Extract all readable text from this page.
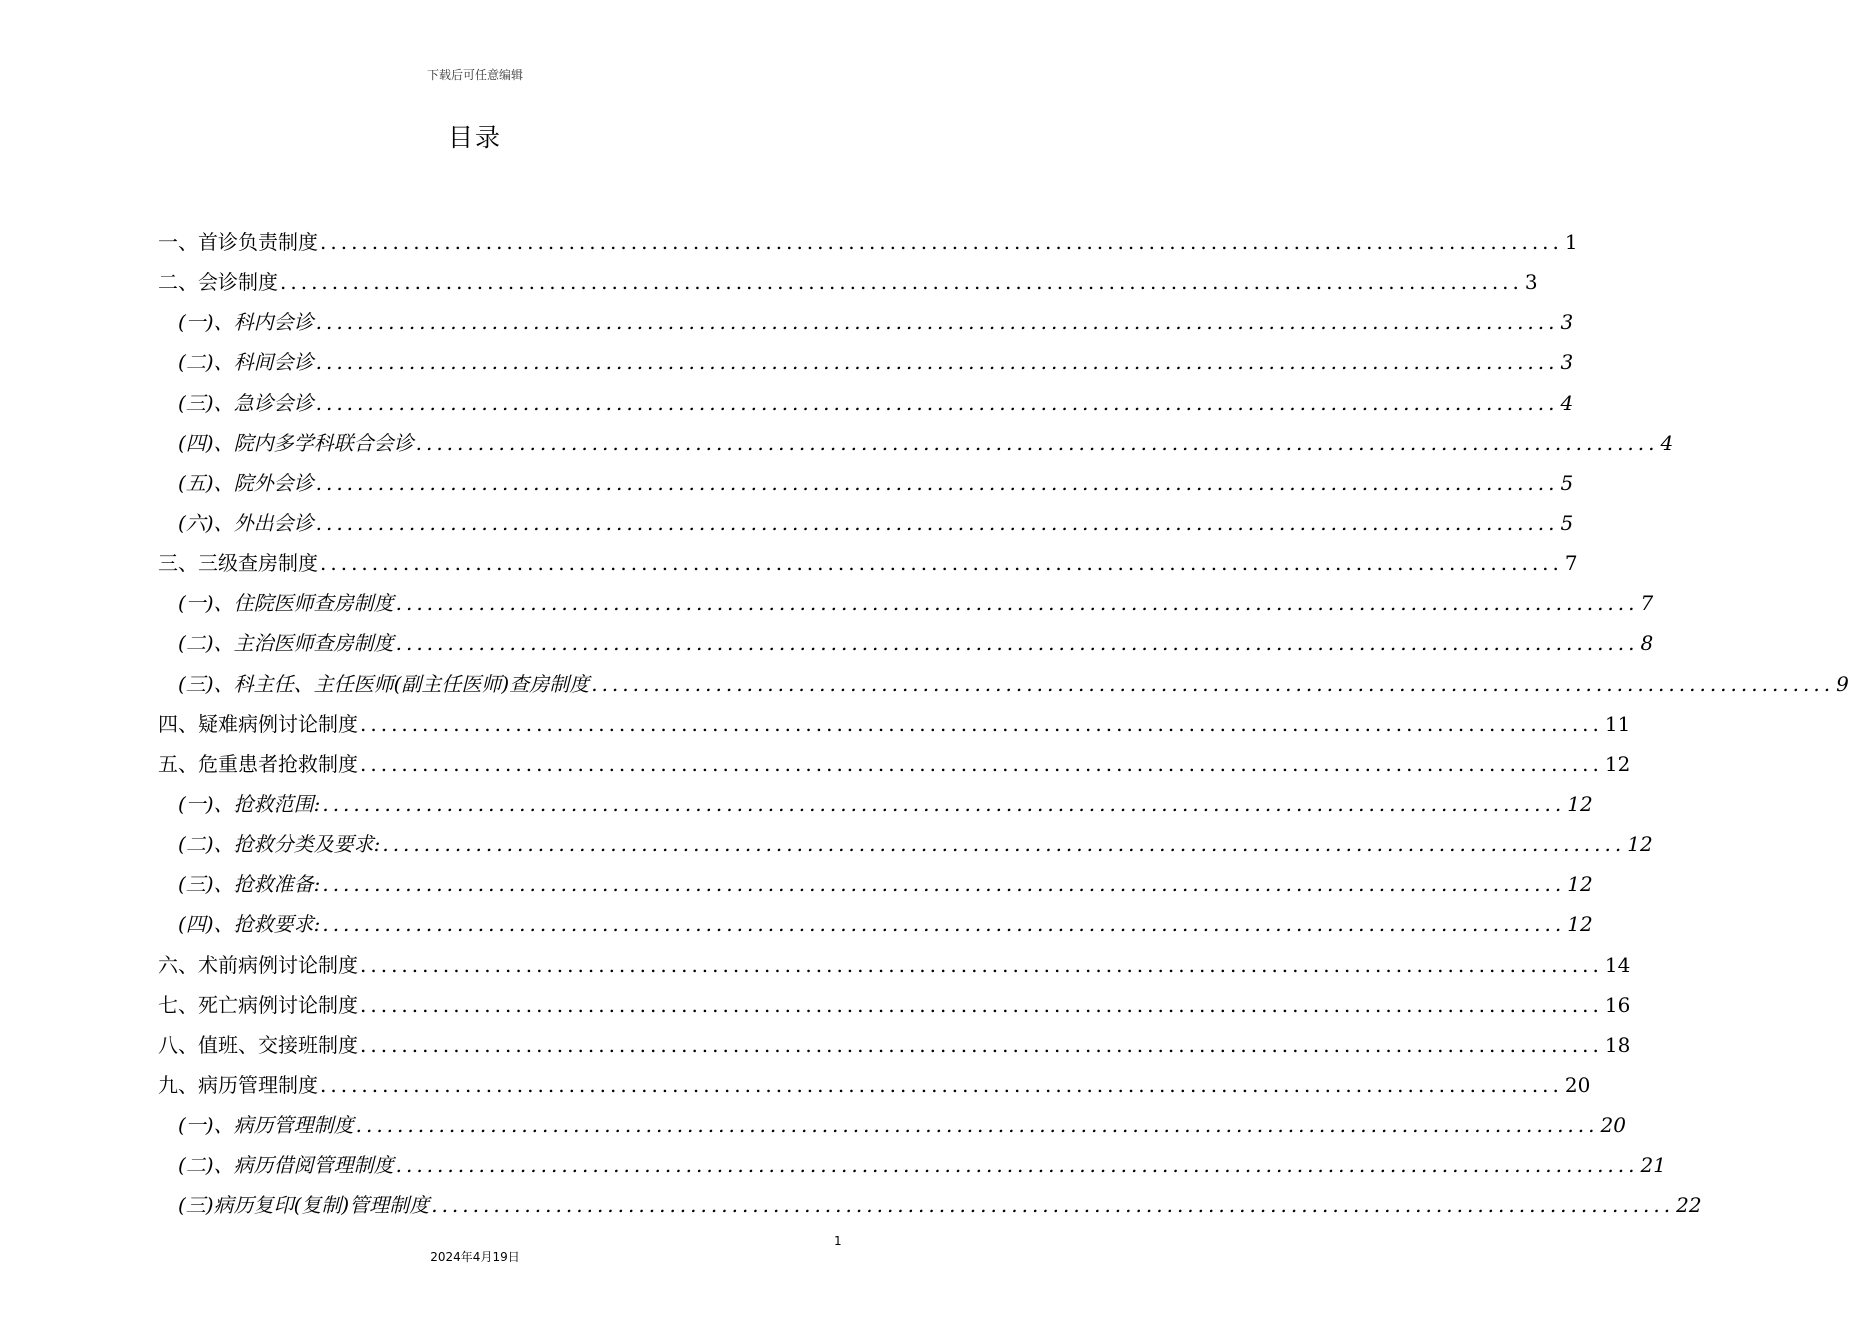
下载后可任意编辑
目录
一、首诊负责制度 ........................................................................................................................ 1
二、会诊制度 ........................................................................................................................ 3
(一)、科内会诊 ........................................................................................................................ 3
(二)、科间会诊 ........................................................................................................................ 3
(三)、急诊会诊 ........................................................................................................................ 4
(四)、院内多学科联合会诊 ........................................................................................................................ 4
(五)、院外会诊 ........................................................................................................................ 5
(六)、外出会诊 ........................................................................................................................ 5
三、三级查房制度 ........................................................................................................................ 7
(一)、住院医师查房制度 ........................................................................................................................ 7
(二)、主治医师查房制度 ........................................................................................................................ 8
(三)、科主任、主任医师(副主任医师)查房制度 ........................................................................................................................ 9
四、疑难病例讨论制度 ........................................................................................................................ 11
五、危重患者抢救制度 ........................................................................................................................ 12
(一)、抢救范围: ........................................................................................................................ 12
(二)、抢救分类及要求: ........................................................................................................................ 12
(三)、抢救准备: ........................................................................................................................ 12
(四)、抢救要求: ........................................................................................................................ 12
六、术前病例讨论制度 ........................................................................................................................ 14
七、死亡病例讨论制度 ........................................................................................................................ 16
八、值班、交接班制度 ........................................................................................................................ 18
九、病历管理制度 ........................................................................................................................ 20
(一)、病历管理制度 ........................................................................................................................ 20
(二)、病历借阅管理制度 ........................................................................................................................ 21
(三)病历复印(复制)管理制度 ........................................................................................................................ 22
1
2024年4月19日
